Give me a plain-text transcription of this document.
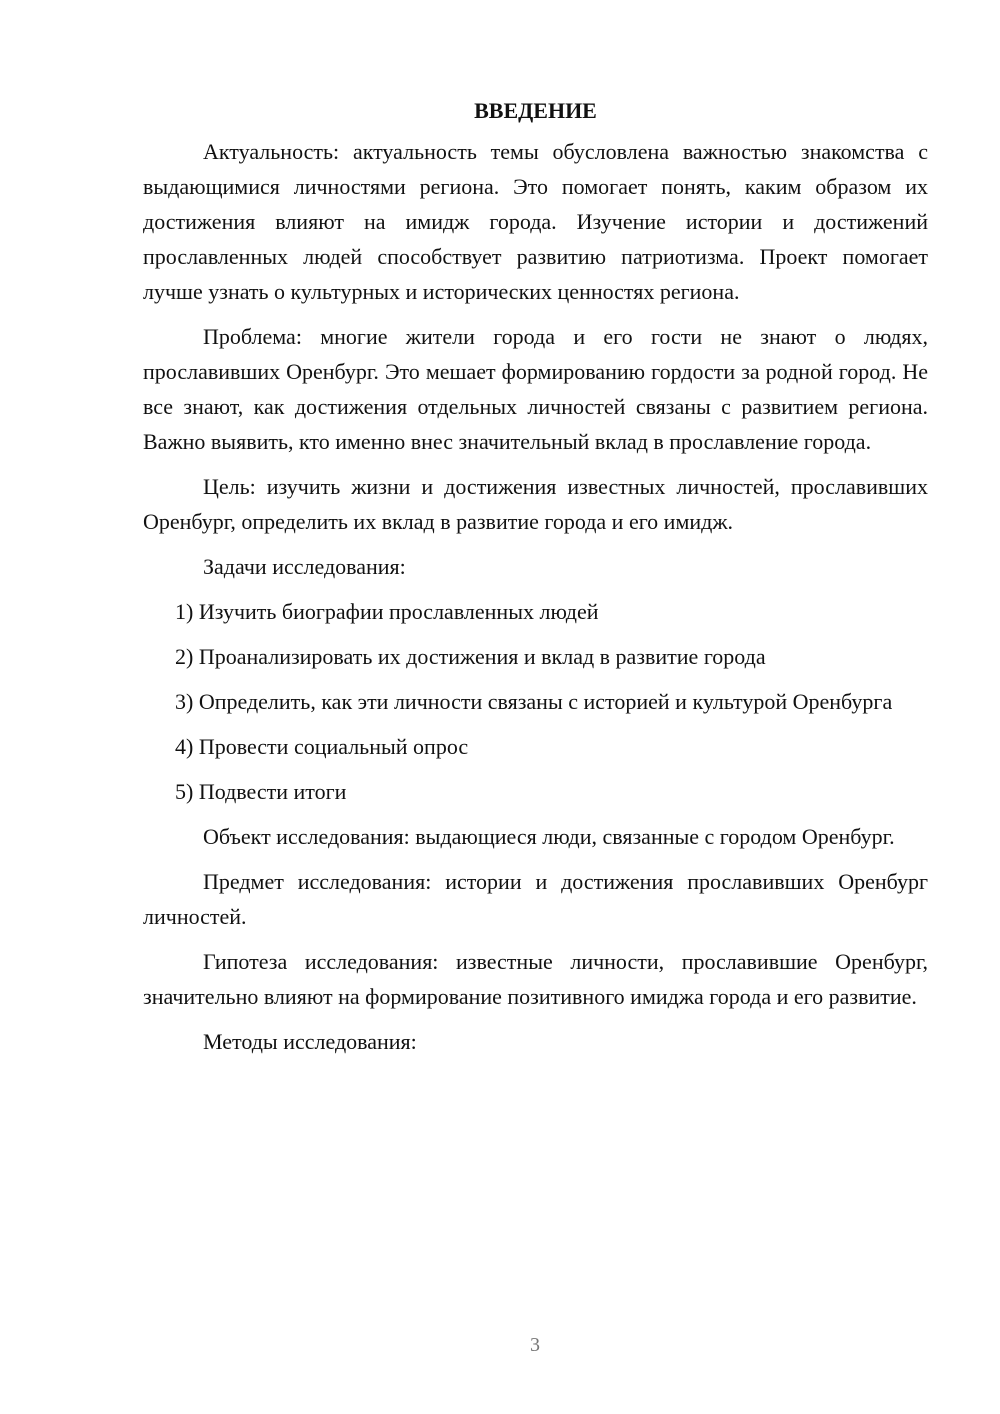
ВВЕДЕНИЕ

Актуальность: актуальность темы обусловлена важностью знакомства с выдающимися личностями региона. Это помогает понять, каким образом их достижения влияют на имидж города. Изучение истории и достижений прославленных людей способствует развитию патриотизма. Проект помогает лучше узнать о культурных и исторических ценностях региона.

Проблема: многие жители города и его гости не знают о людях, прославивших Оренбург. Это мешает формированию гордости за родной город. Не все знают, как достижения отдельных личностей связаны с развитием региона. Важно выявить, кто именно внес значительный вклад в прославление города.

Цель: изучить жизни и достижения известных личностей, прославивших Оренбург, определить их вклад в развитие города и его имидж.

Задачи исследования:

1) Изучить биографии прославленных людей

2) Проанализировать их достижения и вклад в развитие города

3) Определить, как эти личности связаны с историей и культурой Оренбурга

4) Провести социальный опрос

5) Подвести итоги

Объект исследования: выдающиеся люди, связанные с городом Оренбург.

Предмет исследования: истории и достижения прославивших Оренбург личностей.

Гипотеза исследования: известные личности, прославившие Оренбург, значительно влияют на формирование позитивного имиджа города и его развитие.

Методы исследования:

3
